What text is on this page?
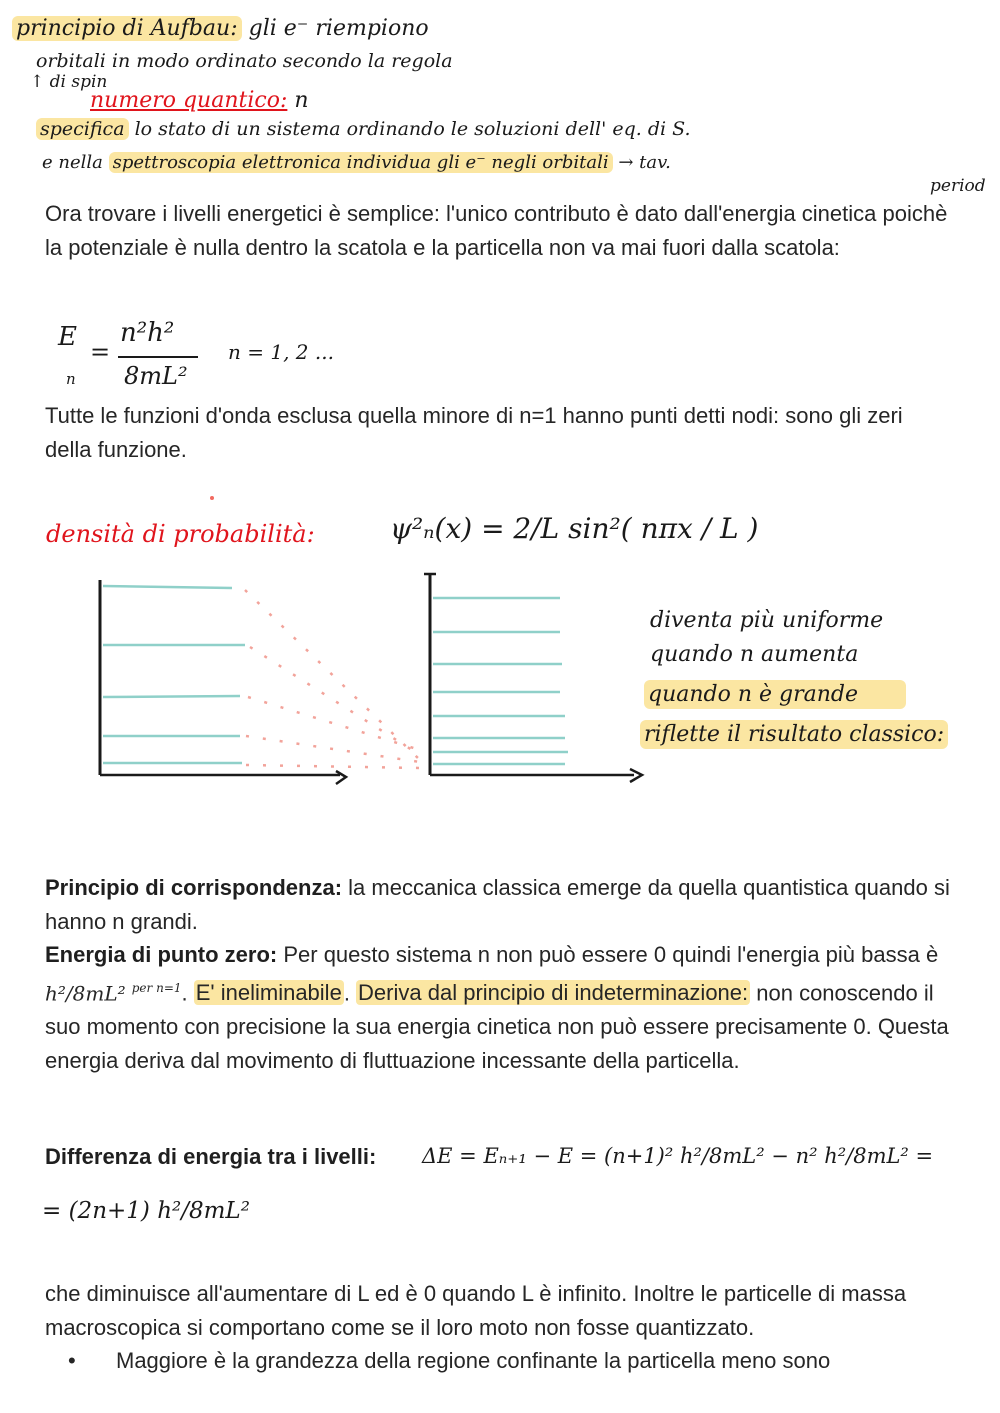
principio di Aufbau: gli e⁻ riempiono
orbitali in modo ordinato secondo la regola
↑ di spin
numero quantico: n
specifica lo stato di un sistema ordinando le soluzioni dell' eq. di S.
e nella spettroscopia elettronica individua gli e⁻ negli orbitali → tav.
period
Ora trovare i livelli energetici è semplice: l'unico contributo è dato dall'energia cinetica poichè la potenziale è nulla dentro la scatola e la particella non va mai fuori dalla scatola:
E
n
=
n²h²
8mL²
n = 1, 2 ...
Tutte le funzioni d'onda esclusa quella minore di n=1 hanno punti detti nodi: sono gli zeri della funzione.
densità di probabilità:	ψ²ₙ(x) = 2/L sin²( nπx / L )
diventa più uniforme
quando n aumenta
quando n è grande
riflette il risultato classico:
Principio di corrispondenza: la meccanica classica emerge da quella quantistica quando si hanno n grandi.
Energia di punto zero: Per questo sistema n non può essere 0 quindi l'energia più bassa è h²/8mL² $^{per n=1}$. E' ineliminabile. Deriva dal principio di indeterminazione: non conoscendo il suo momento con precisione la sua energia cinetica non può essere precisamente 0. Questa energia deriva dal movimento di fluttuazione incessante della particella.
Differenza di energia tra i livelli:	ΔE = Eₙ₊₁ − E = (n+1)² h²/8mL² − n² h²/8mL² =
= (2n+1) h²/8mL²
che diminuisce all'aumentare di L ed è 0 quando L è infinito. Inoltre le particelle di massa macroscopica si comportano come se il loro moto non fosse quantizzato.
• Maggiore è la grandezza della regione confinante la particella meno sono
